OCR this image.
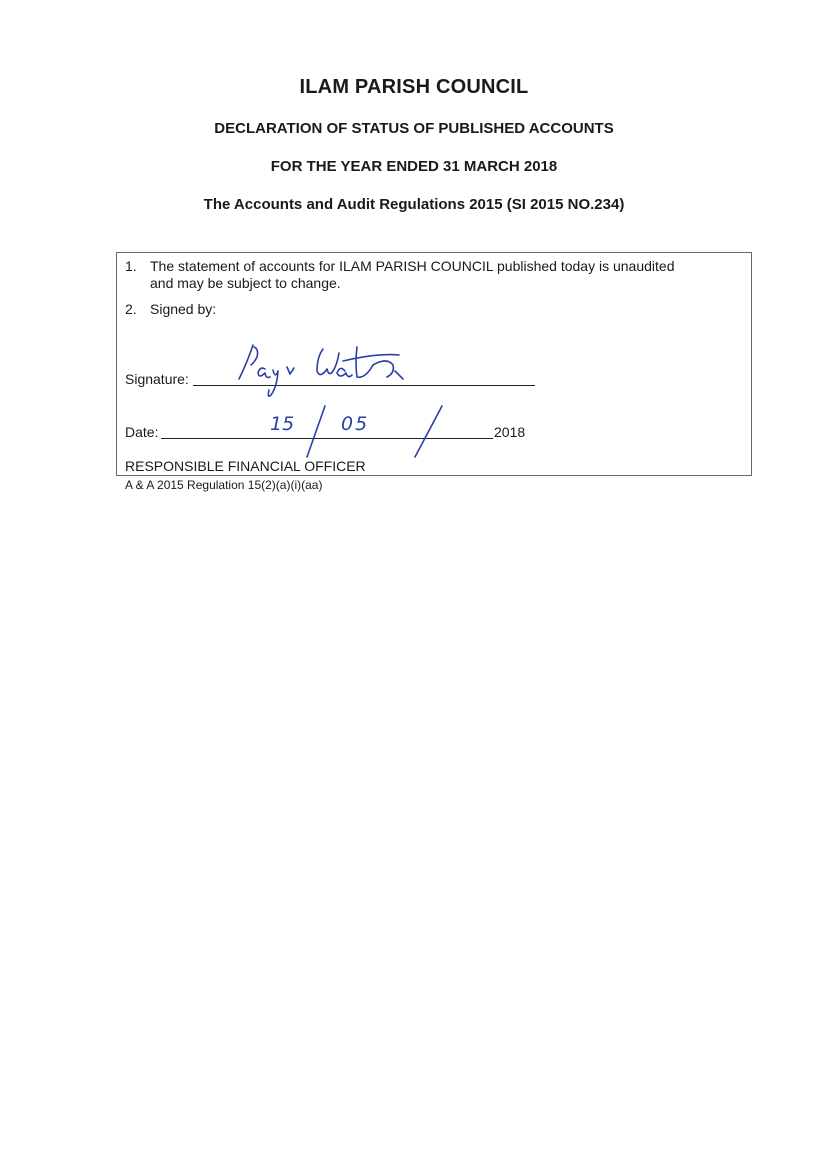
ILAM PARISH COUNCIL
DECLARATION OF STATUS OF PUBLISHED ACCOUNTS
FOR THE YEAR ENDED 31 MARCH 2018
The Accounts and Audit Regulations 2015 (SI 2015 NO.234)
1. The statement of accounts for ILAM PARISH COUNCIL published today is unaudited
and may be subject to change.
2. Signed by:
Signature:
Date:	2018
15 05
RESPONSIBLE FINANCIAL OFFICER
A & A 2015 Regulation 15(2)(a)(i)(aa)
